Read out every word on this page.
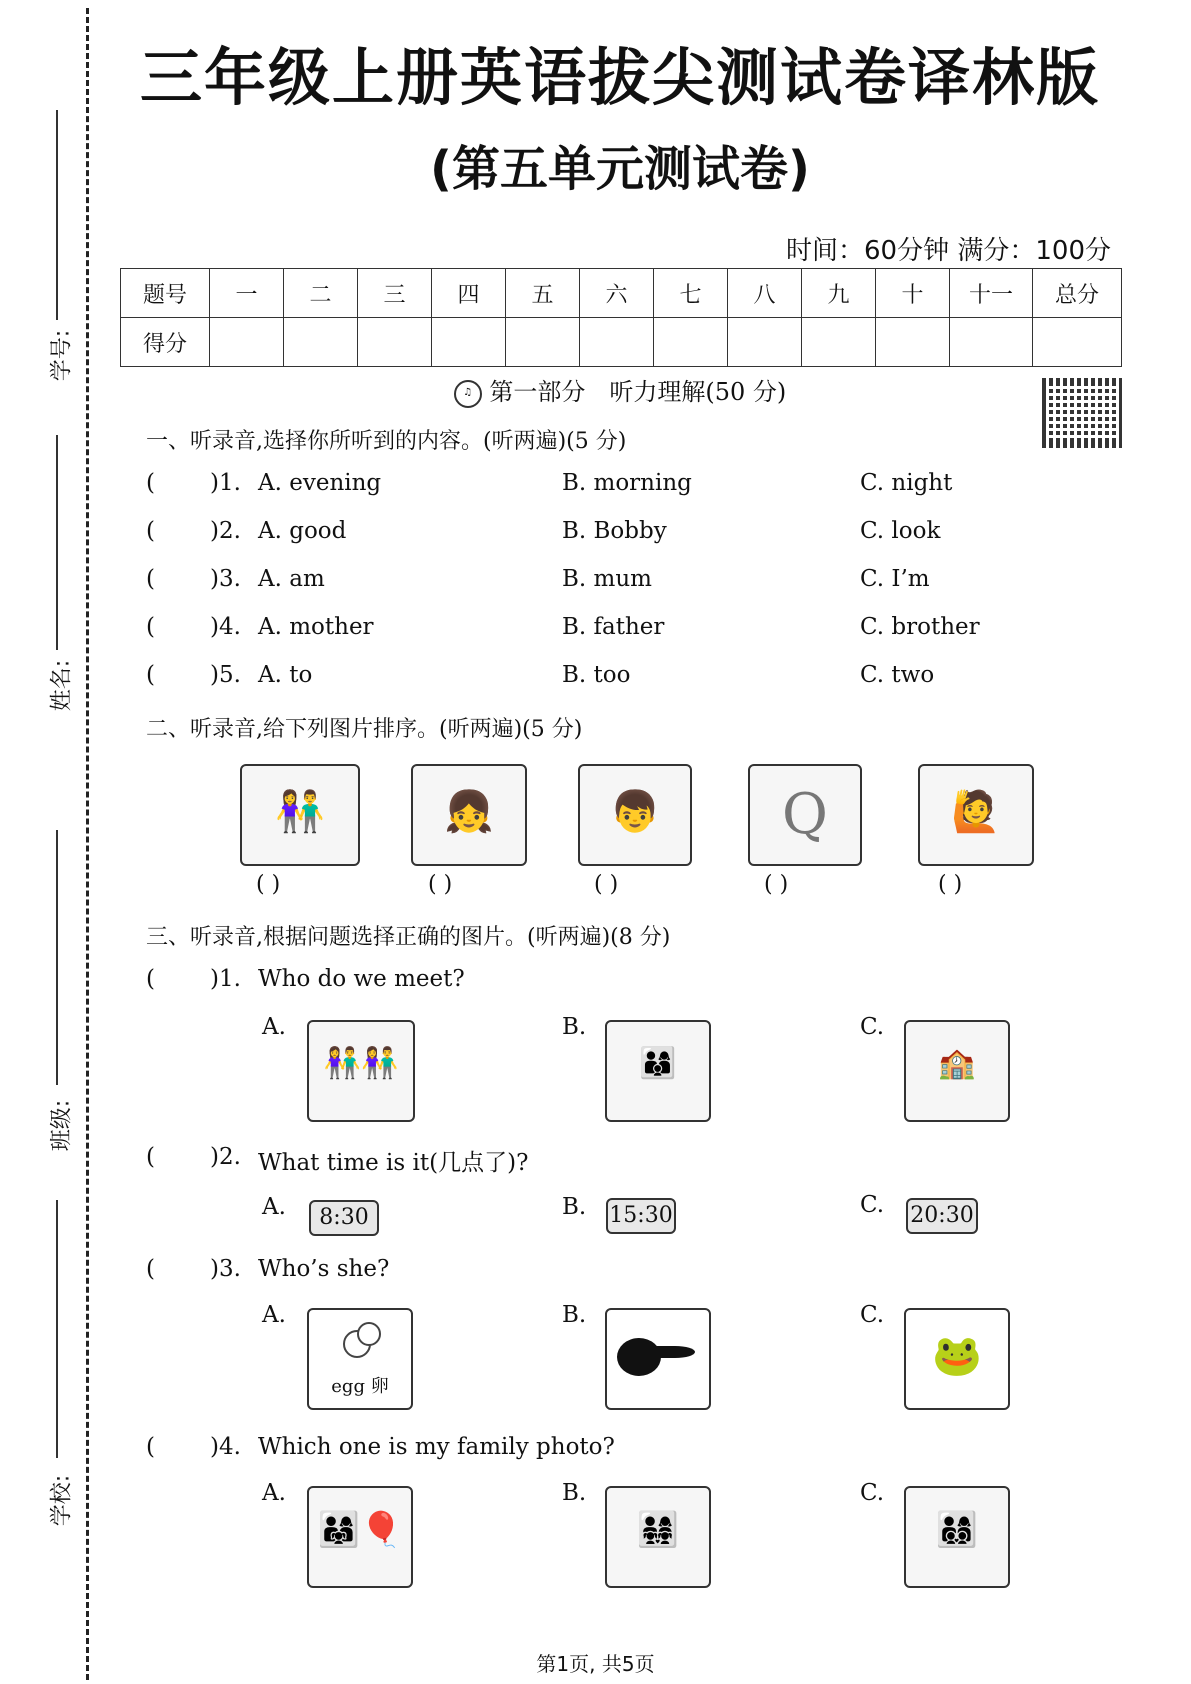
学号:
姓名:
班级:
学校:
三年级上册英语拔尖测试卷译林版
(第五单元测试卷)
时间：60分钟 满分：100分
题号	一	二	三	四	五	六	七	八	九	十	十一	总分
得分												
♫ 第一部分　听力理解(50 分)
一、听录音,选择你所听到的内容。(听两遍)(5 分)
( )1. A. evening	B. morning	C. night
( )2. A. good	B. Bobby	C. look
( )3. A. am	B. mum	C. I’m
( )4. A. mother	B. father	C. brother
( )5. A. to	B. too	C. two
二、听录音,给下列图片排序。(听两遍)(5 分)
👫	👧	👦	Q	🙋
( )	( )	( )	( )	( )
三、听录音,根据问题选择正确的图片。(听两遍)(8 分)
( )1. Who do we meet?
A.
👫👫
B.
👨‍👩‍👦
C.
🏫
( )2. What time is it(几点了)?
A.	8:30	B. 15:30	C. 20:30
( )3. Who’s she?
A.
egg 卵
B.	C.
🐸
( )4. Which one is my family photo?
A.
👨‍👩‍👧🎈
B.
👨‍👩‍👧‍👧
C.
👨‍👩‍👦‍👦
第1页, 共5页
